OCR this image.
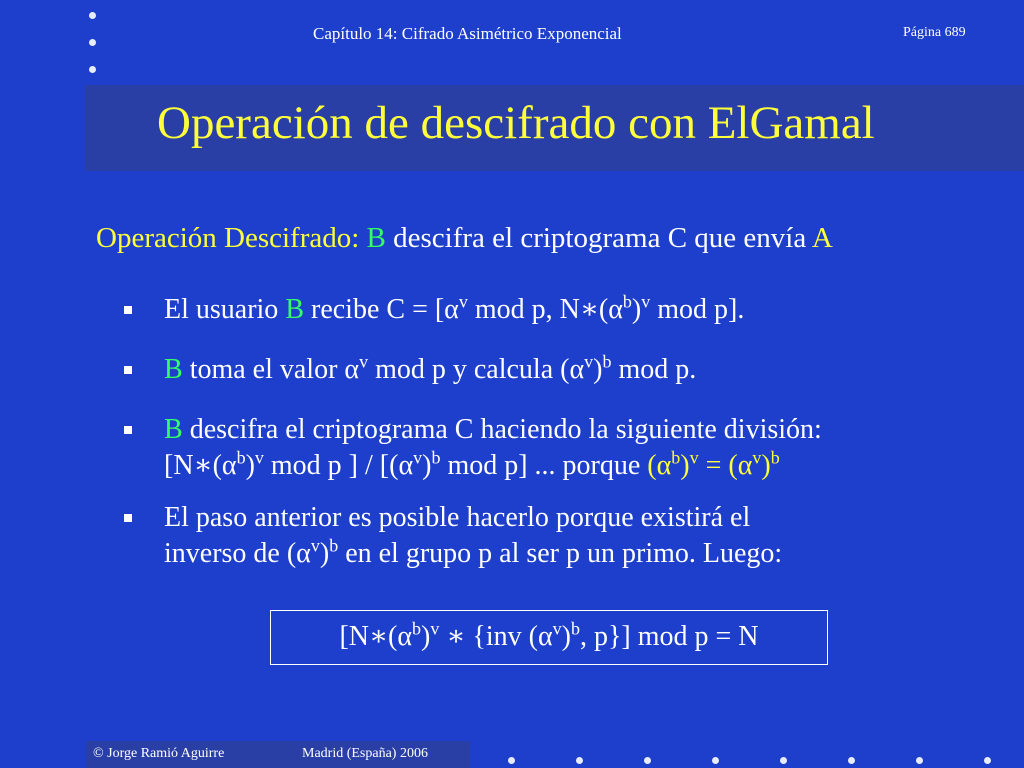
Capítulo 14: Cifrado Asimétrico Exponencial	Página 689
Operación de descifrado con ElGamal
Operación Descifrado: B descifra el criptograma C que envía A
El usuario B recibe $C = [\alpha^v$ mod p, $N∗(\alpha^b)^v$ mod p].
B toma el valor $\alpha^v$ mod p y calcula $(\alpha^v)^b$ mod p.
B descifra el criptograma C haciendo la siguiente división:
[$N∗(\alpha^b)^v$ mod p ] / [$(\alpha^v)^b$ mod p] ... porque $(\alpha^b)^v = (\alpha^v)^b$
El paso anterior es posible hacerlo porque existirá el
inverso de $(\alpha^v)^b$ en el grupo p al ser p un primo. Luego:
[$N∗(\alpha^b)^v$ ∗ {inv $(\alpha^v)^b$, p}] mod p = N
© Jorge Ramió Aguirre	Madrid (España) 2006
